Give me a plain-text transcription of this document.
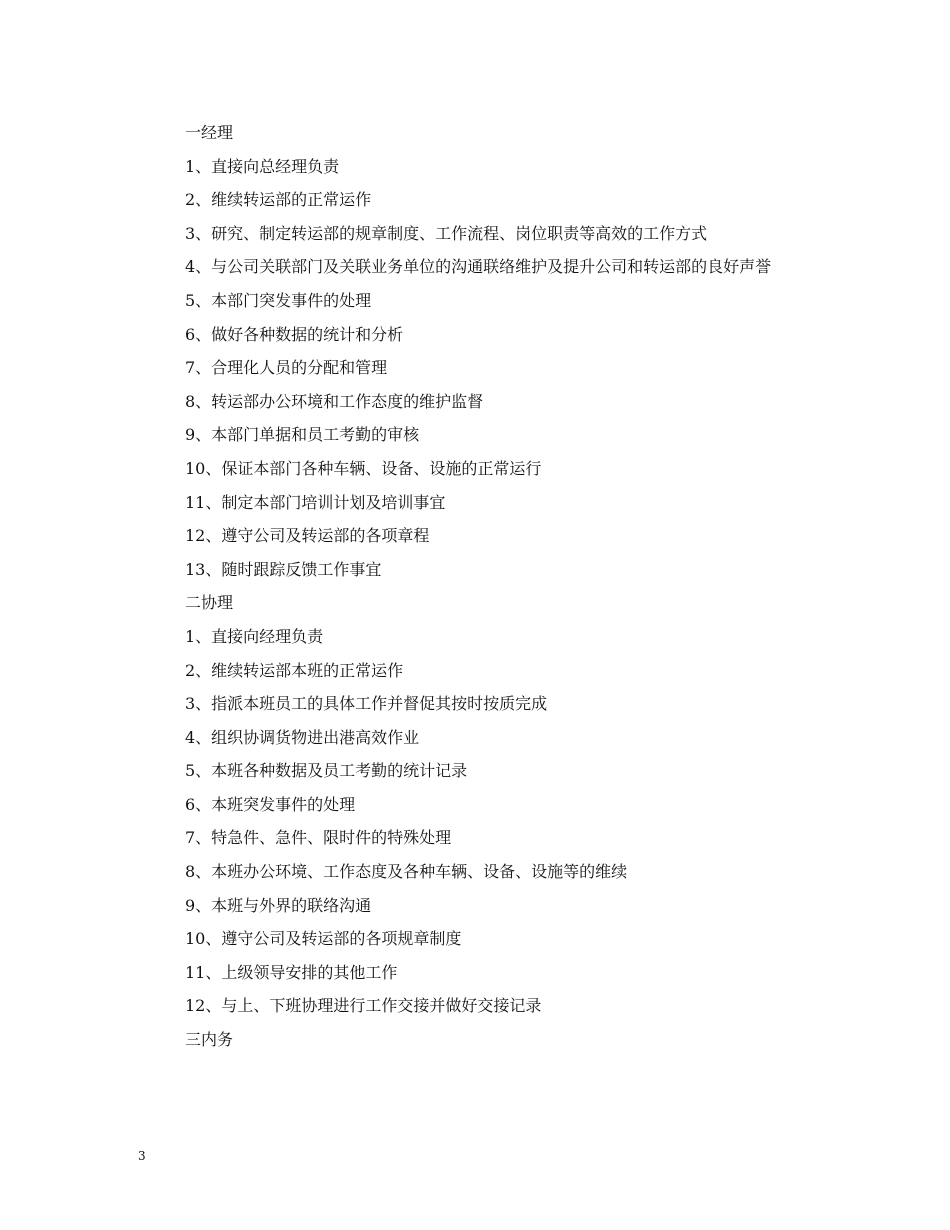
一经理
1、直接向总经理负责
2、维续转运部的正常运作
3、研究、制定转运部的规章制度、工作流程、岗位职责等高效的工作方式
4、与公司关联部门及关联业务单位的沟通联络维护及提升公司和转运部的良好声誉
5、本部门突发事件的处理
6、做好各种数据的统计和分析
7、合理化人员的分配和管理
8、转运部办公环境和工作态度的维护监督
9、本部门单据和员工考勤的审核
10、保证本部门各种车辆、设备、设施的正常运行
11、制定本部门培训计划及培训事宜
12、遵守公司及转运部的各项章程
13、随时跟踪反馈工作事宜
二协理
1、直接向经理负责
2、维续转运部本班的正常运作
3、指派本班员工的具体工作并督促其按时按质完成
4、组织协调货物进出港高效作业
5、本班各种数据及员工考勤的统计记录
6、本班突发事件的处理
7、特急件、急件、限时件的特殊处理
8、本班办公环境、工作态度及各种车辆、设备、设施等的维续
9、本班与外界的联络沟通
10、遵守公司及转运部的各项规章制度
11、上级领导安排的其他工作
12、与上、下班协理进行工作交接并做好交接记录
三内务
3
